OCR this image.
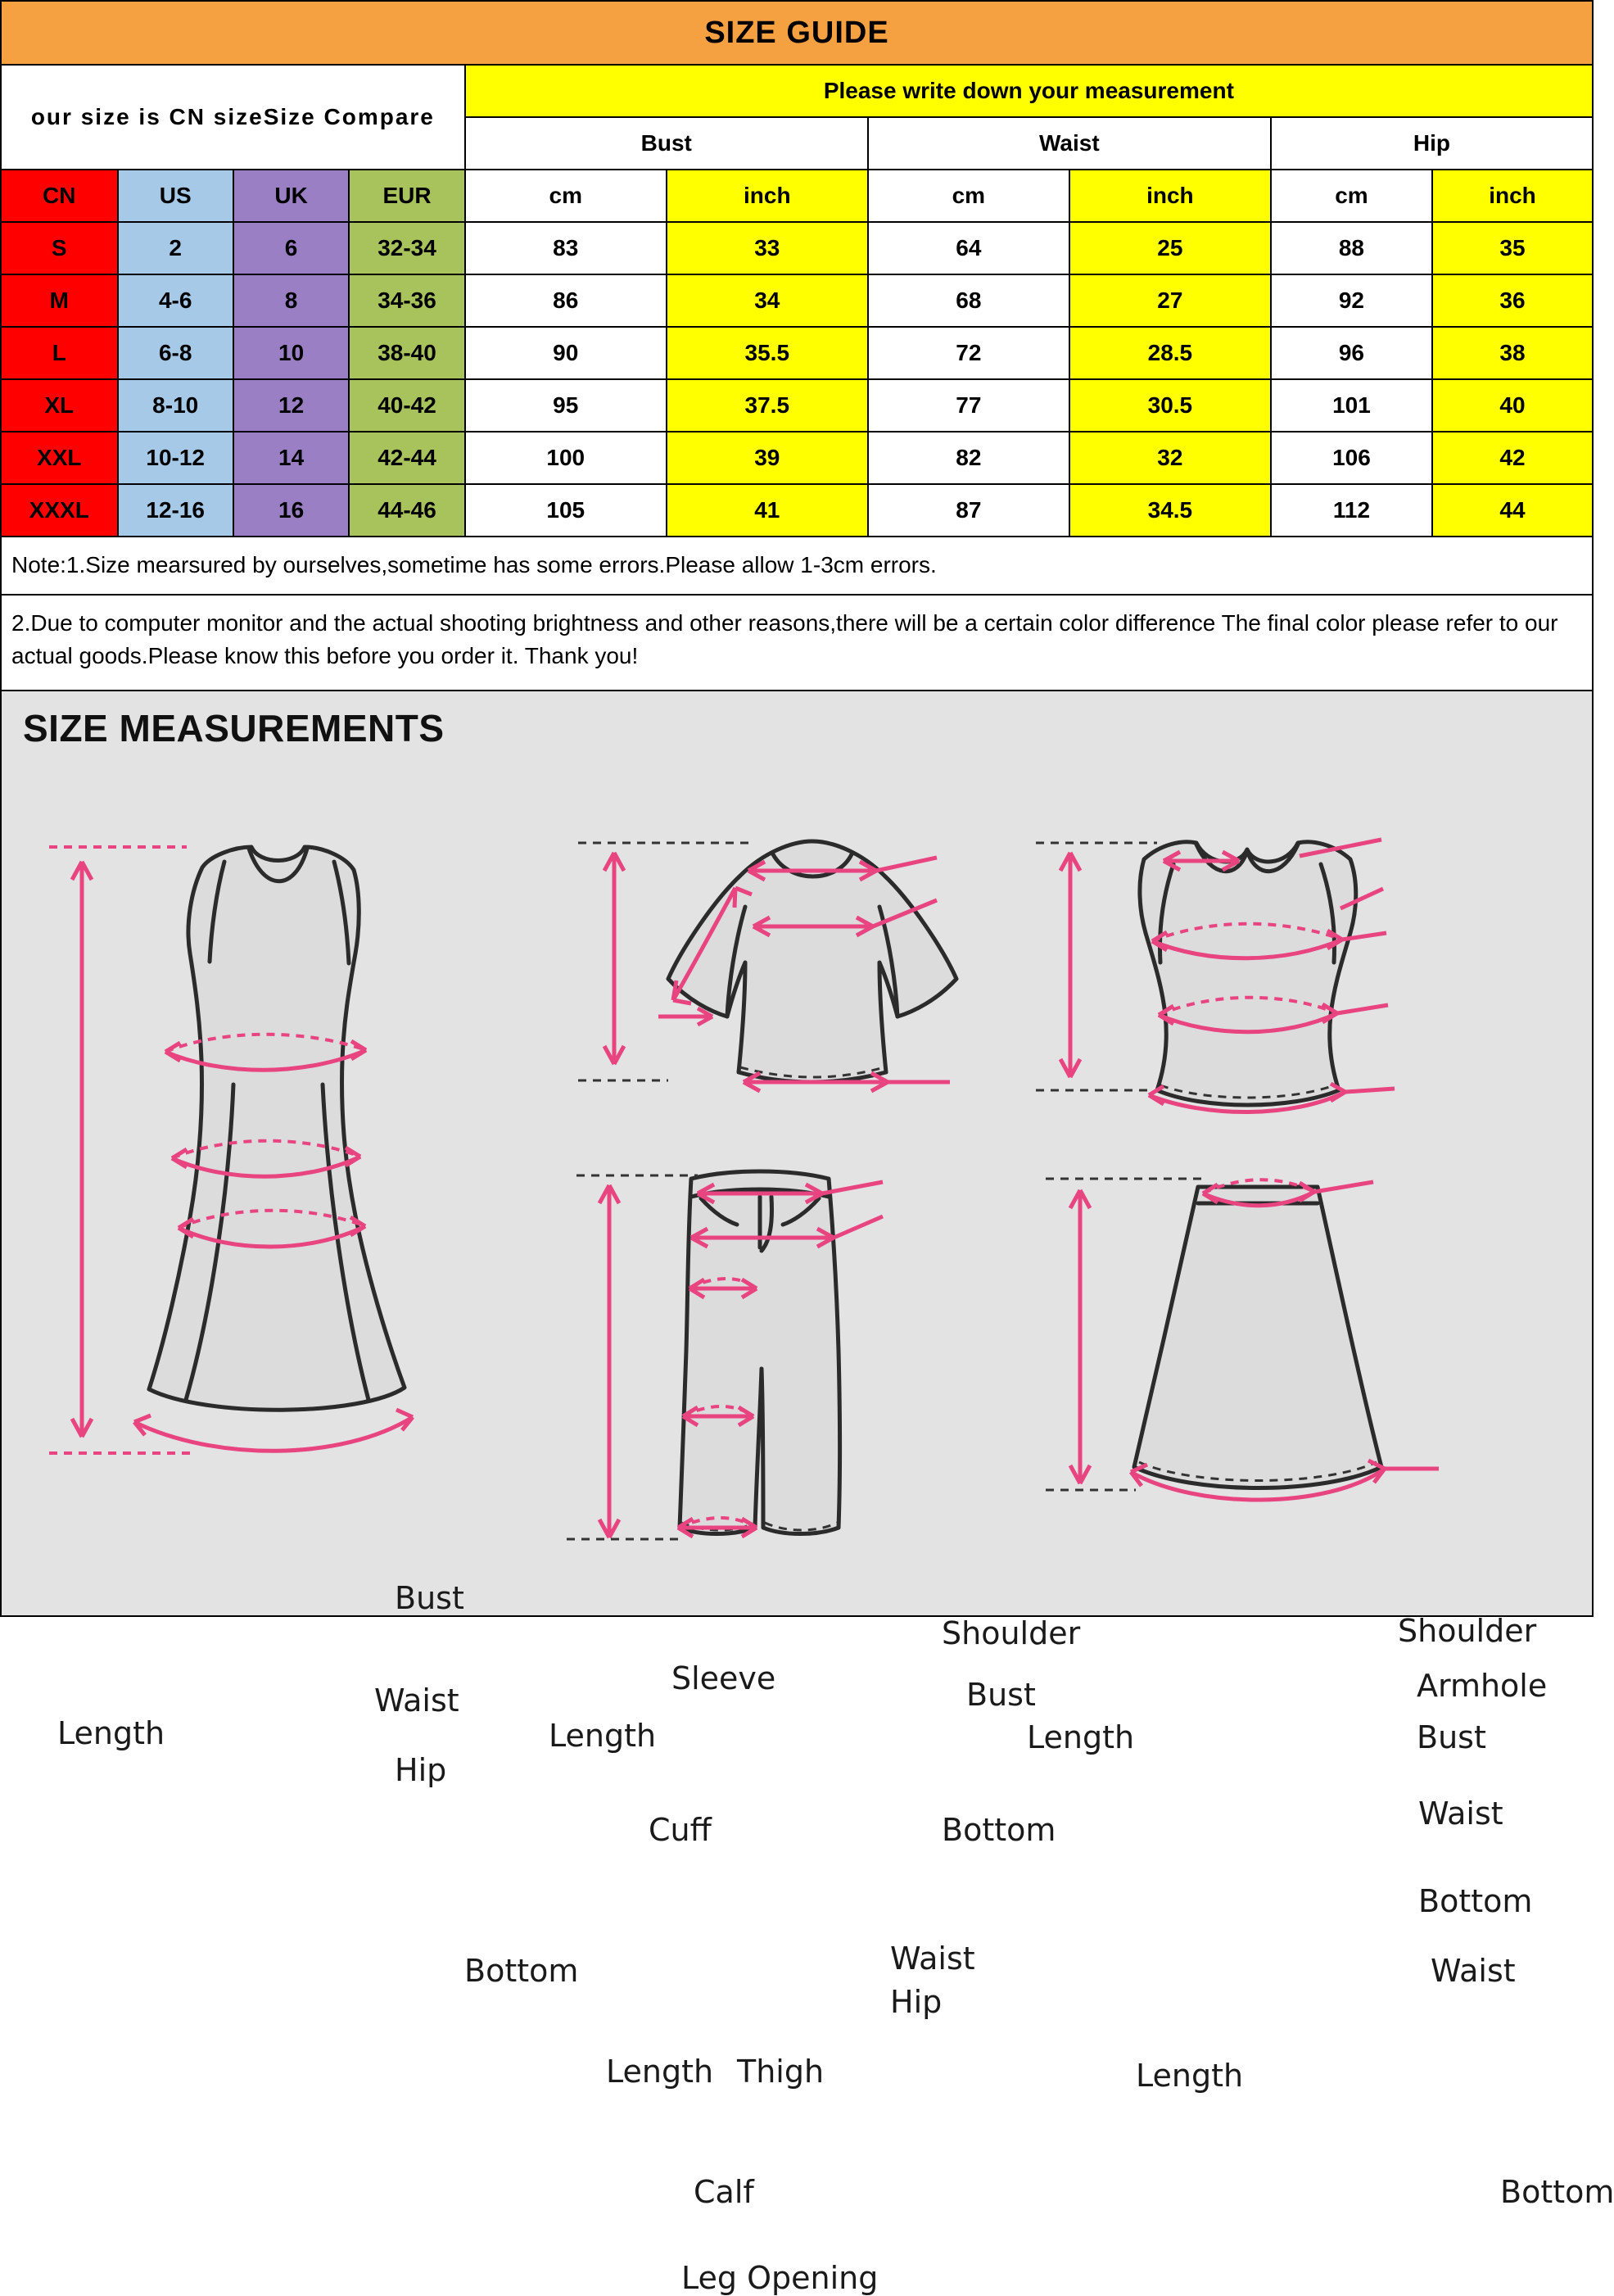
SIZE GUIDE
our size is CN sizeSize Compare				Please write down your measurement					
				Bust		Waist		Hip	
CN	US	UK	EUR	cm	inch	cm	inch	cm	inch
S	2	6	32-34	83	33	64	25	88	35
M	4-6	8	34-36	86	34	68	27	92	36
L	6-8	10	38-40	90	35.5	72	28.5	96	38
XL	8-10	12	40-42	95	37.5	77	30.5	101	40
XXL	10-12	14	42-44	100	39	82	32	106	42
XXXL	12-16	16	44-46	105	41	87	34.5	112	44
Note:1.Size mearsured by ourselves,sometime has some errors.Please allow 1-3cm errors.
2.Due to computer monitor and the actual shooting brightness and other reasons,there will be a certain color difference The final color please refer to our actual goods.Please know this before you order it. Thank you!
SIZE MEASUREMENTS
Bust
Waist
Hip
Length
Bottom
Shoulder
Sleeve	Bust
Length
Cuff	Bottom
Shoulder
Armhole
Bust
Length
Waist
Bottom
Waist
Hip
Length Thigh
Calf
Leg Opening
Waist
Length
Bottom
